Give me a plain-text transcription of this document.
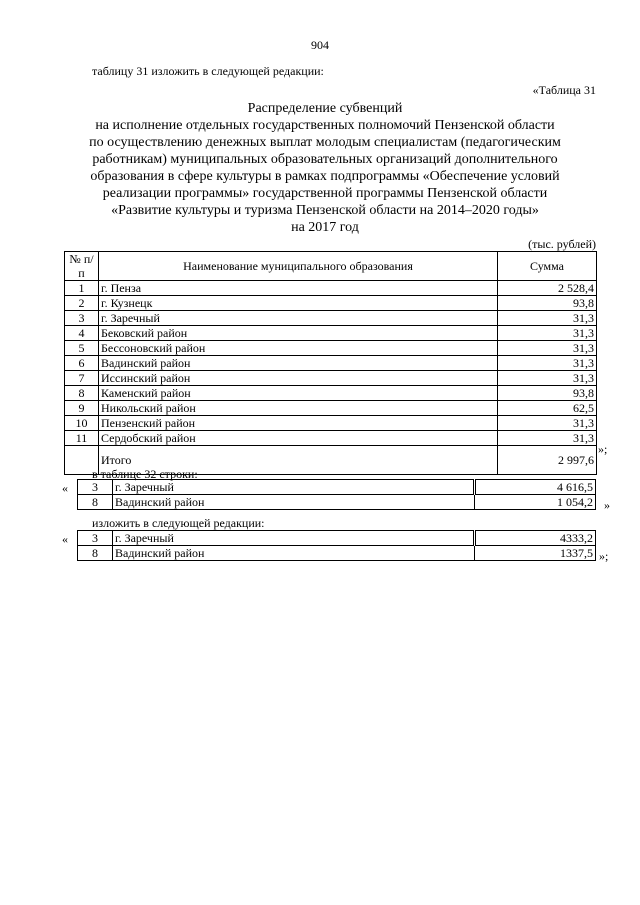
904
таблицу 31 изложить в следующей редакции:
«Таблица 31
Распределение субвенций
на исполнение отдельных государственных полномочий Пензенской области
по осуществлению денежных выплат молодым специалистам (педагогическим
работникам) муниципальных образовательных организаций дополнительного
образования в сфере культуры в рамках подпрограммы «Обеспечение условий
реализации программы» государственной программы Пензенской области
«Развитие культуры и туризма Пензенской области на 2014–2020 годы»
на 2017 год
(тыс. рублей)
№ п/п	Наименование муниципального образования	Сумма
1	г. Пенза	2 528,4
2	г. Кузнецк	93,8
3	г. Заречный	31,3
4	Бековский район	31,3
5	Бессоновский район	31,3
6	Вадинский район	31,3
7	Иссинский район	31,3
8	Каменский район	93,8
9	Никольский район	62,5
10	Пензенский район	31,3
11	Сердобский район	31,3
	Итого	2 997,6
»;
в таблице 32 строки:
« 3	г. Заречный	4 616,5
8	Вадинский район	1 054,2 »
изложить в следующей редакции:
« 3	г. Заречный	4333,2
8	Вадинский район	1337,5 »;
